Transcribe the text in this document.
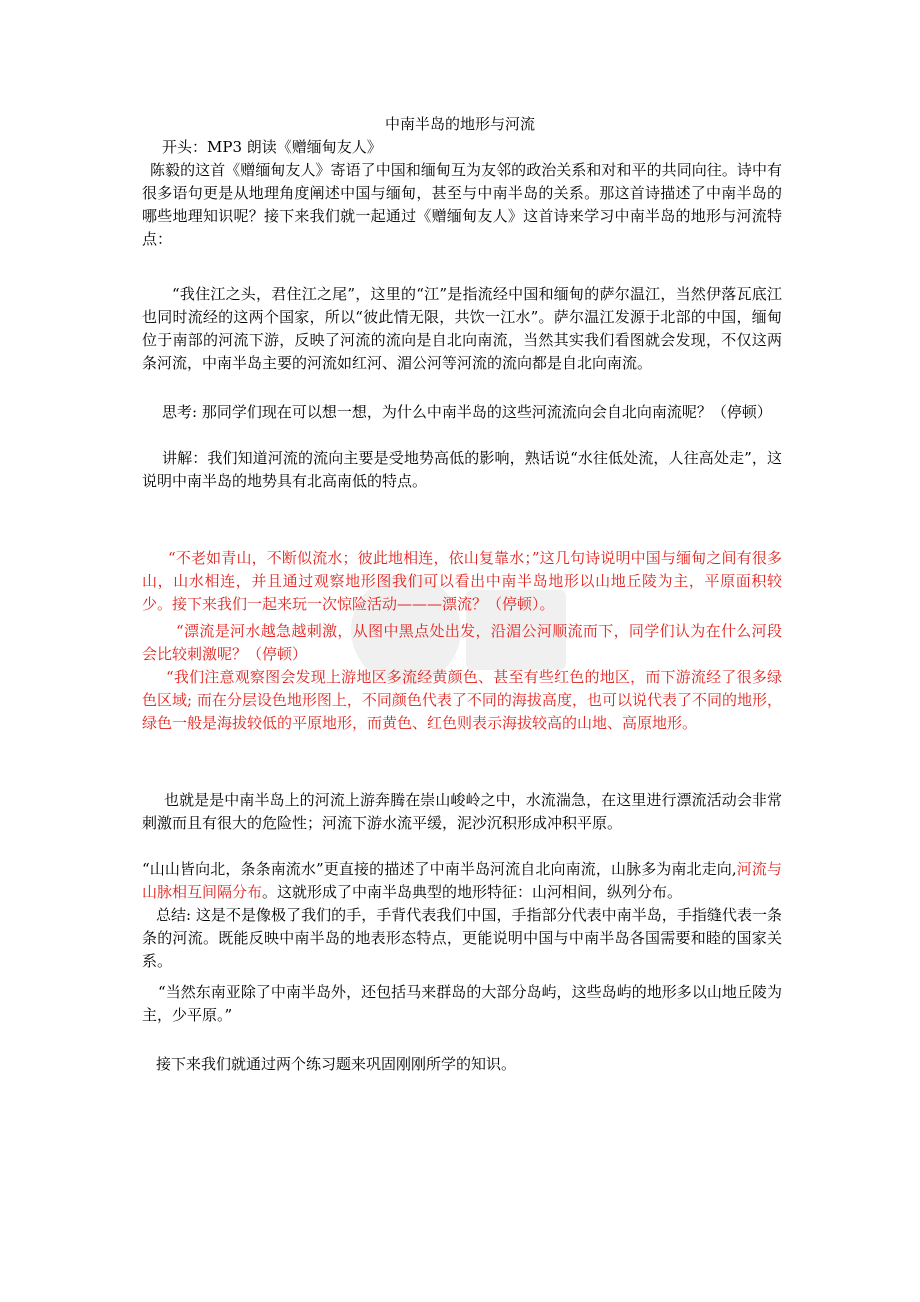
中南半岛的地形与河流

开头：MP3 朗读《赠缅甸友人》

陈毅的这首《赠缅甸友人》寄语了中国和缅甸互为友邻的政治关系和对和平的共同向往。诗中有很多语句更是从地理角度阐述中国与缅甸，甚至与中南半岛的关系。那这首诗描述了中南半岛的哪些地理知识呢？接下来我们就一起通过《赠缅甸友人》这首诗来学习中南半岛的地形与河流特点：

“我住江之头，君住江之尾”，这里的“江”是指流经中国和缅甸的萨尔温江，当然伊落瓦底江也同时流经的这两个国家，所以“彼此情无限，共饮一江水”。萨尔温江发源于北部的中国，缅甸位于南部的河流下游，反映了河流的流向是自北向南流，当然其实我们看图就会发现，不仅这两条河流，中南半岛主要的河流如红河、湄公河等河流的流向都是自北向南流。

思考: 那同学们现在可以想一想，为什么中南半岛的这些河流流向会自北向南流呢？（停顿）

讲解：我们知道河流的流向主要是受地势高低的影响，熟话说“水往低处流，人往高处走”，这说明中南半岛的地势具有北高南低的特点。

“不老如青山，不断似流水；彼此地相连，依山复靠水；”这几句诗说明中国与缅甸之间有很多山，山水相连，并且通过观察地形图我们可以看出中南半岛地形以山地丘陵为主，平原面积较少。接下来我们一起来玩一次惊险活动———漂流？（停顿）。

“漂流是河水越急越刺激，从图中黑点处出发，沿湄公河顺流而下，同学们认为在什么河段会比较刺激呢？（停顿）

“我们注意观察图会发现上游地区多流经黄颜色、甚至有些红色的地区，而下游流经了很多绿色区域; 而在分层设色地形图上，不同颜色代表了不同的海拔高度，也可以说代表了不同的地形，绿色一般是海拔较低的平原地形，而黄色、红色则表示海拔较高的山地、高原地形。

也就是是中南半岛上的河流上游奔腾在崇山峻岭之中，水流湍急，在这里进行漂流活动会非常刺激而且有很大的危险性；河流下游水流平缓，泥沙沉积形成冲积平原。

“山山皆向北，条条南流水”更直接的描述了中南半岛河流自北向南流，山脉多为南北走向,河流与山脉相互间隔分布。这就形成了中南半岛典型的地形特征：山河相间，纵列分布。

总结: 这是不是像极了我们的手，手背代表我们中国，手指部分代表中南半岛，手指缝代表一条条的河流。既能反映中南半岛的地表形态特点，更能说明中国与中南半岛各国需要和睦的国家关系。

“当然东南亚除了中南半岛外，还包括马来群岛的大部分岛屿，这些岛屿的地形多以山地丘陵为主，少平原。”

接下来我们就通过两个练习题来巩固刚刚所学的知识。
